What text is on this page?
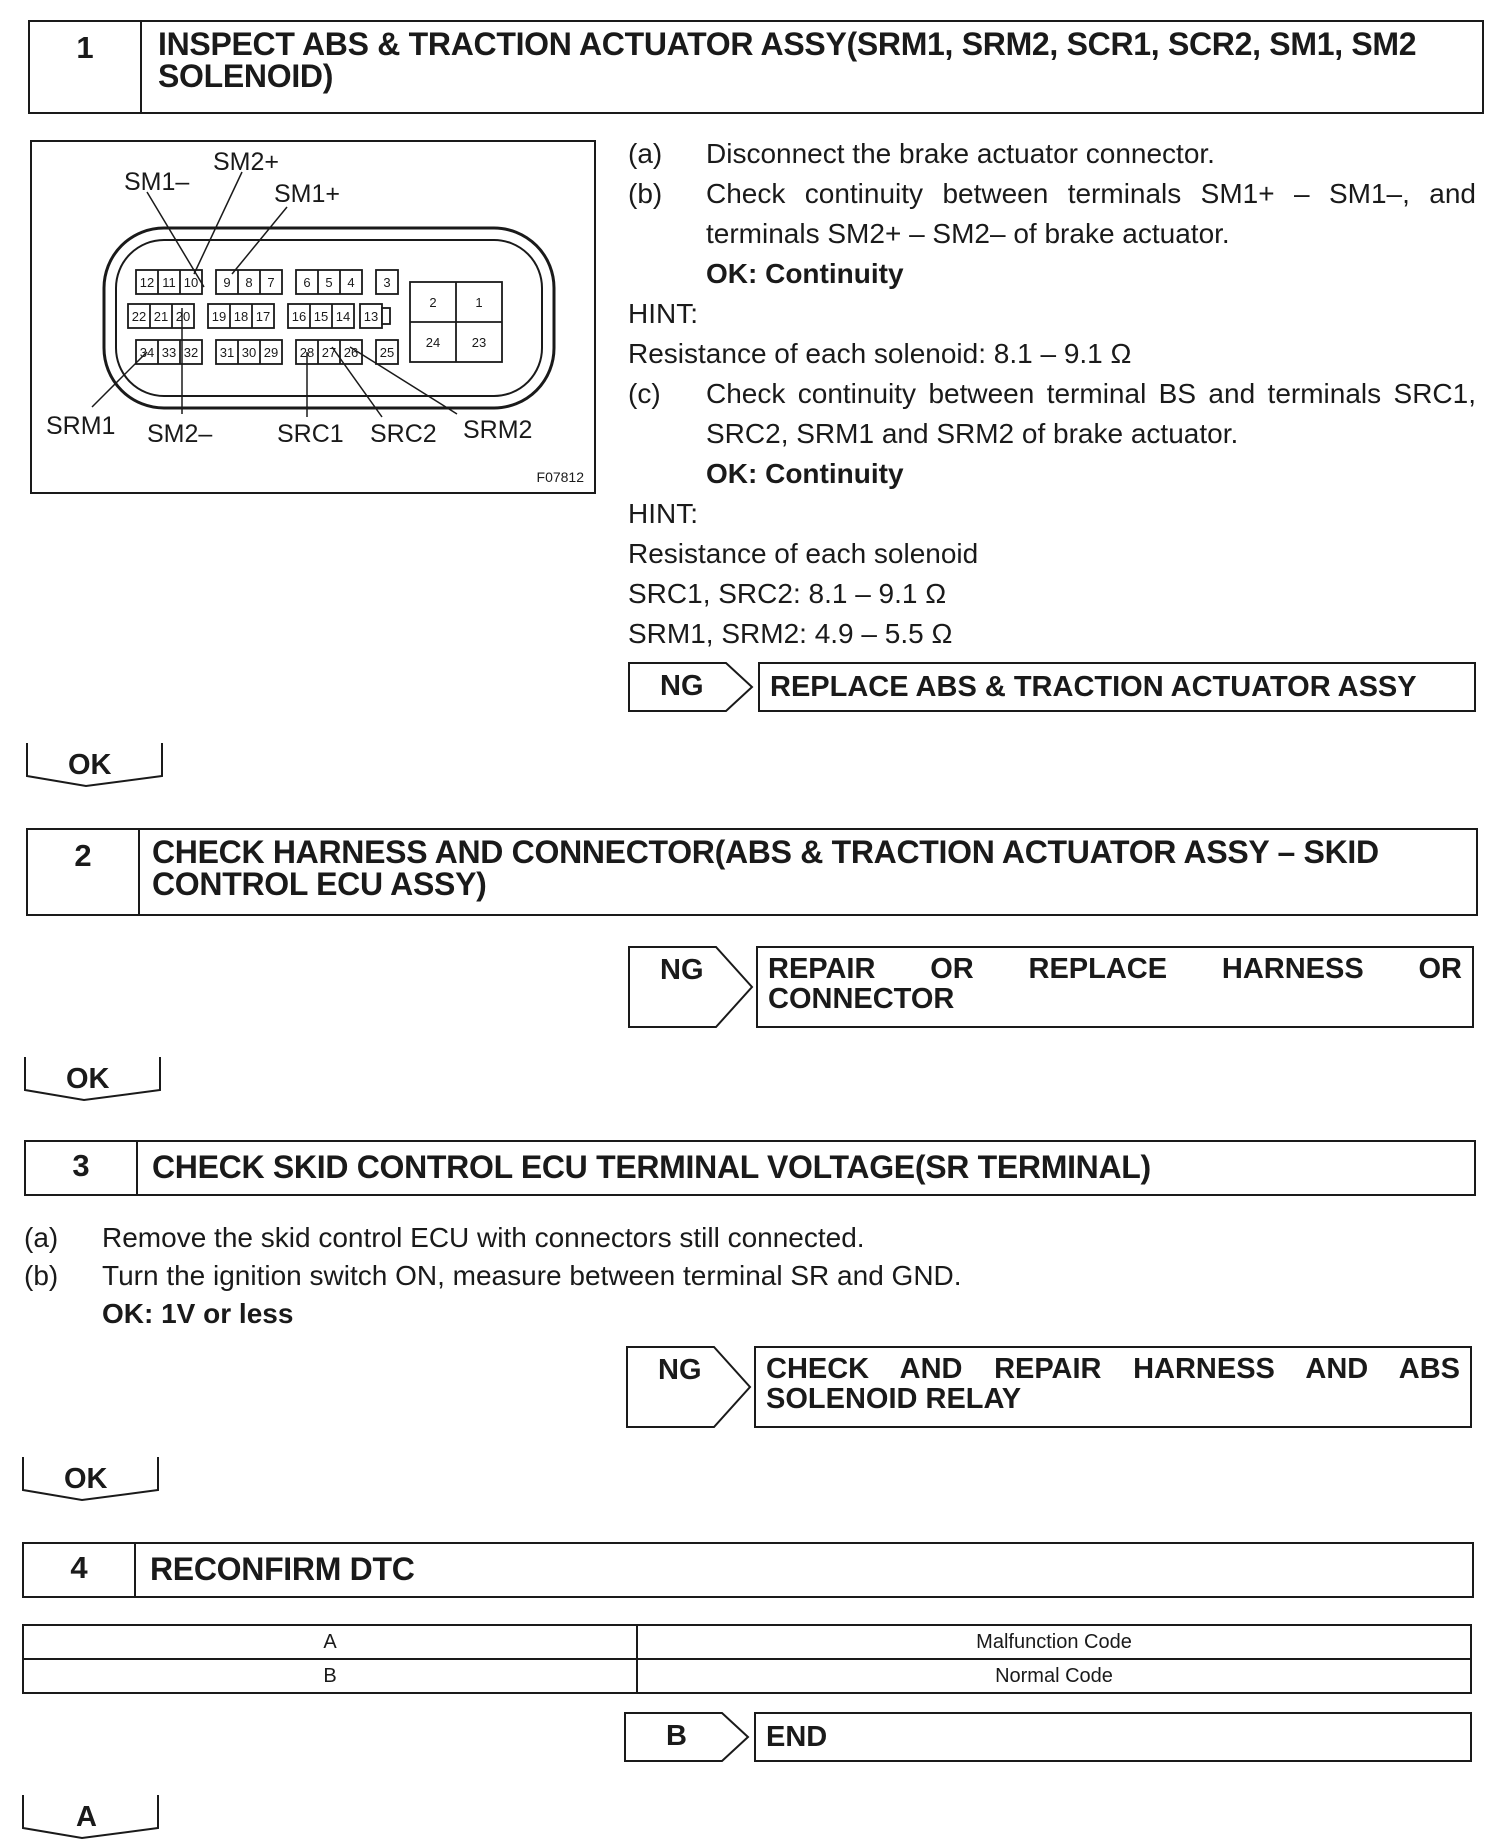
1	INSPECT ABS & TRACTION ACTUATOR ASSY(SRM1, SRM2, SCR1, SCR2, SM1, SM2 SOLENOID)
12 11 10 9 8 7 6 5 4 3
2	1
22 21 20 19 18 17 16 15 14 13
24 23
34 33 32 31 30 29 28 27 26 25
SM1–
SM2+
SM1+
SRM1 SM2–	SRC1 SRC2 SRM2
F07812
(a)	Disconnect the brake actuator connector.
(b)	Check continuity between terminals SM1+ – SM1–, and terminals SM2+ – SM2– of brake actuator.
OK: Continuity
HINT:
Resistance of each solenoid: 8.1 – 9.1 Ω
(c)	Check continuity between terminal BS and terminals SRC1, SRC2, SRM1 and SRM2 of brake actuator.
OK: Continuity
HINT:
Resistance of each solenoid
SRC1, SRC2: 8.1 – 9.1 Ω
SRM1, SRM2: 4.9 – 5.5 Ω
NG	REPLACE ABS & TRACTION ACTUATOR ASSY
OK
2	CHECK HARNESS AND CONNECTOR(ABS & TRACTION ACTUATOR ASSY – SKID CONTROL ECU ASSY)
NG REPAIR OR REPLACE HARNESS OR
CONNECTOR
OK
3	CHECK SKID CONTROL ECU TERMINAL VOLTAGE(SR TERMINAL)
(a)	Remove the skid control ECU with connectors still connected.
(b)	Turn the ignition switch ON, measure between terminal SR and GND.
OK: 1V or less
NG CHECK AND REPAIR HARNESS AND ABS
SOLENOID RELAY
OK
4	RECONFIRM DTC
A	Malfunction Code
B	Normal Code
B	END
A
